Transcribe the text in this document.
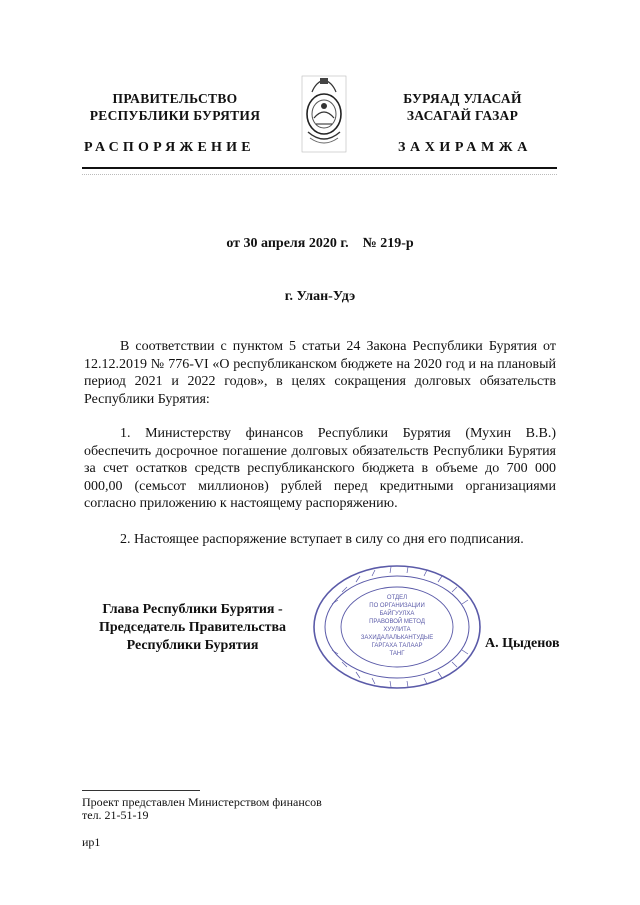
ПРАВИТЕЛЬСТВО
РЕСПУБЛИКИ БУРЯТИЯ
БУРЯАД УЛАСАЙ
ЗАСАГАЙ ГАЗАР
РАСПОРЯЖЕНИЕ	ЗАХИРАМЖА
от 30 апреля 2020 г. № 219-р
г. Улан-Удэ
В соответствии с пунктом 5 статьи 24 Закона Республики Бурятия от 12.12.2019 № 776-VI «О республиканском бюджете на 2020 год и на плановый период 2021 и 2022 годов», в целях сокращения долговых обязательств Республики Бурятия:
1. Министерству финансов Республики Бурятия (Мухин В.В.) обеспечить досрочное погашение долговых обязательств Республики Бурятия за счет остатков средств республиканского бюджета в объеме до 700 000 000,00 (семьсот миллионов) рублей перед кредитными организациями согласно приложению к настоящему распоряжению.
2. Настоящее распоряжение вступает в силу со дня его подписания.
Глава Республики Бурятия -
Председатель Правительства
Республики Бурятия
ОТДЕЛ
ПО ОРГАНИЗАЦИИ
БАЙГУУЛХА
ПРАВОВОЙ МЕТОД
ХУУЛИТА
ЗАХИДАЛАЛЬКАНТУДЫЕ
ГАРГАХА ТАЛААР
ТАНГ
А. Цыденов
Проект представлен Министерством финансов
тел. 21-51-19
ир1
